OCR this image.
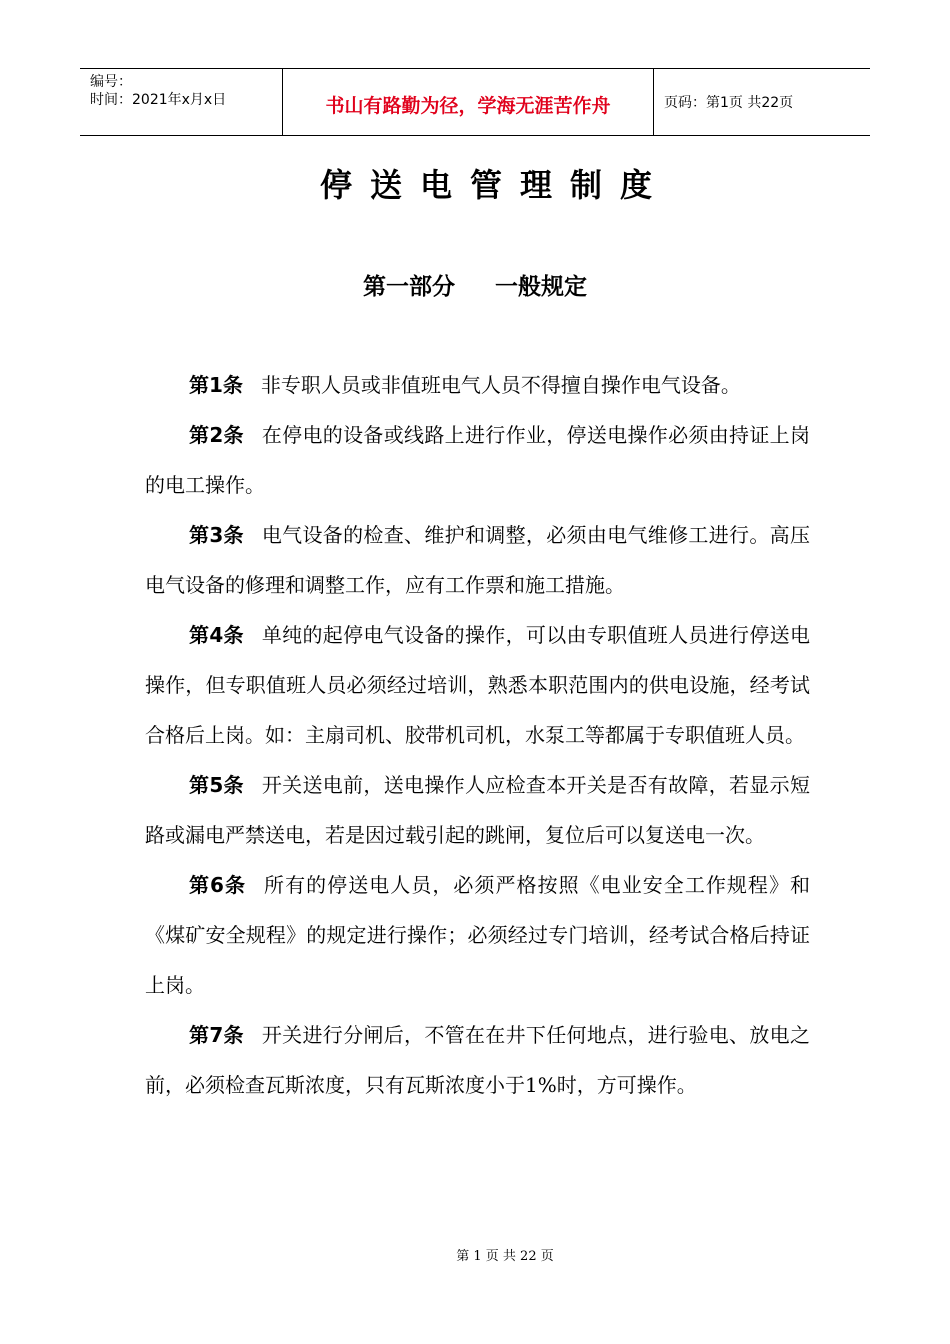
编号：
时间：2021年x月x日	书山有路勤为径，学海无涯苦作舟	页码：第1页 共22页
停送电管理制度
第一部分     一般规定

第1条 非专职人员或非值班电气人员不得擅自操作电气设备。

第2条 在停电的设备或线路上进行作业，停送电操作必须由持证上岗的电工操作。

第3条 电气设备的检查、维护和调整，必须由电气维修工进行。高压电气设备的修理和调整工作，应有工作票和施工措施。

第4条 单纯的起停电气设备的操作，可以由专职值班人员进行停送电操作，但专职值班人员必须经过培训，熟悉本职范围内的供电设施，经考试合格后上岗。如：主扇司机、胶带机司机，水泵工等都属于专职值班人员。

第5条 开关送电前，送电操作人应检查本开关是否有故障，若显示短路或漏电严禁送电，若是因过载引起的跳闸，复位后可以复送电一次。

第6条 所有的停送电人员，必须严格按照《电业安全工作规程》和《煤矿安全规程》的规定进行操作；必须经过专门培训，经考试合格后持证上岗。

第7条 开关进行分闸后，不管在在井下任何地点，进行验电、放电之前，必须检查瓦斯浓度，只有瓦斯浓度小于1%时，方可操作。

第 1 页 共 22 页
